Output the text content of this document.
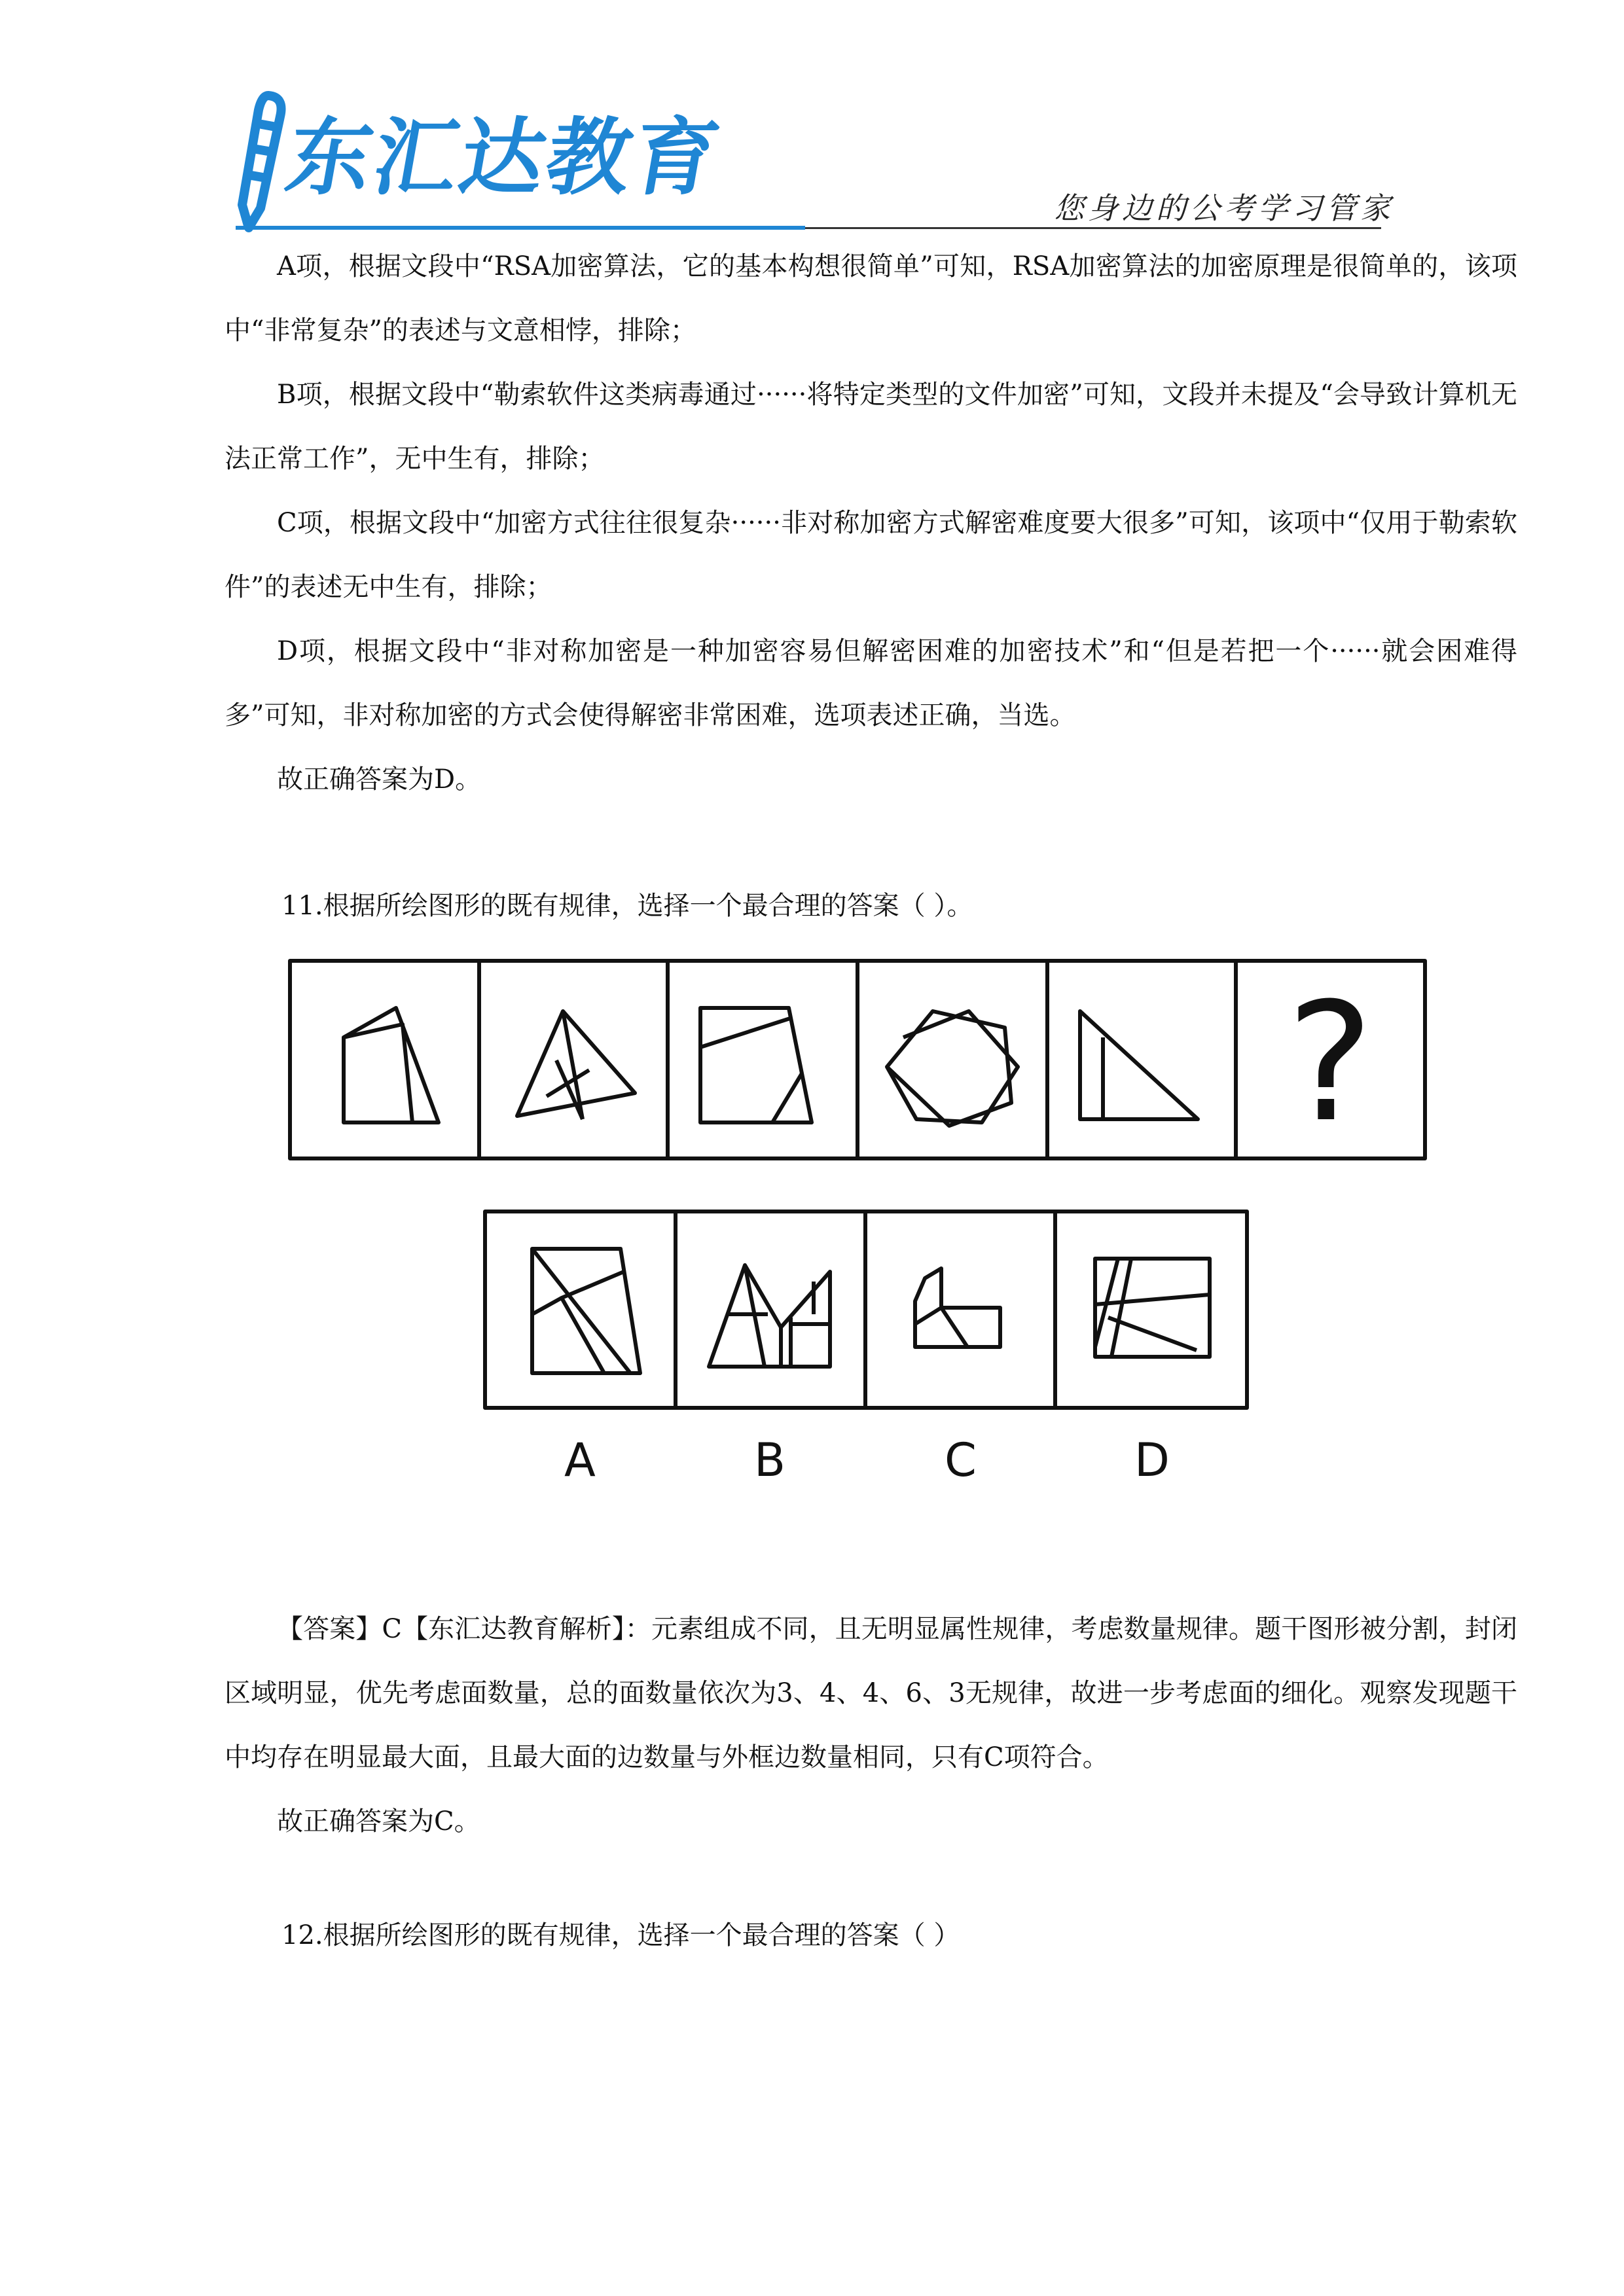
东汇达教育
您身边的公考学习管家

A项，根据文段中“RSA加密算法，它的基本构想很简单”可知，RSA加密算法的加密原理是很简单的，该项中“非常复杂”的表述与文意相悖，排除；

B项，根据文段中“勒索软件这类病毒通过······将特定类型的文件加密”可知，文段并未提及“会导致计算机无法正常工作”，无中生有，排除；

C项，根据文段中“加密方式往往很复杂······非对称加密方式解密难度要大很多”可知，该项中“仅用于勒索软件”的表述无中生有，排除；

D项，根据文段中“非对称加密是一种加密容易但解密困难的加密技术”和“但是若把一个······就会困难得多”可知，非对称加密的方式会使得解密非常困难，选项表述正确，当选。

故正确答案为D。

11.根据所绘图形的既有规律，选择一个最合理的答案（ ）。
?
A	B	C	D

【答案】C【东汇达教育解析】：元素组成不同，且无明显属性规律，考虑数量规律。题干图形被分割，封闭区域明显，优先考虑面数量，总的面数量依次为3、4、4、6、3无规律，故进一步考虑面的细化。观察发现题干中均存在明显最大面，且最大面的边数量与外框边数量相同，只有C项符合。

故正确答案为C。

12.根据所绘图形的既有规律，选择一个最合理的答案（ ）
